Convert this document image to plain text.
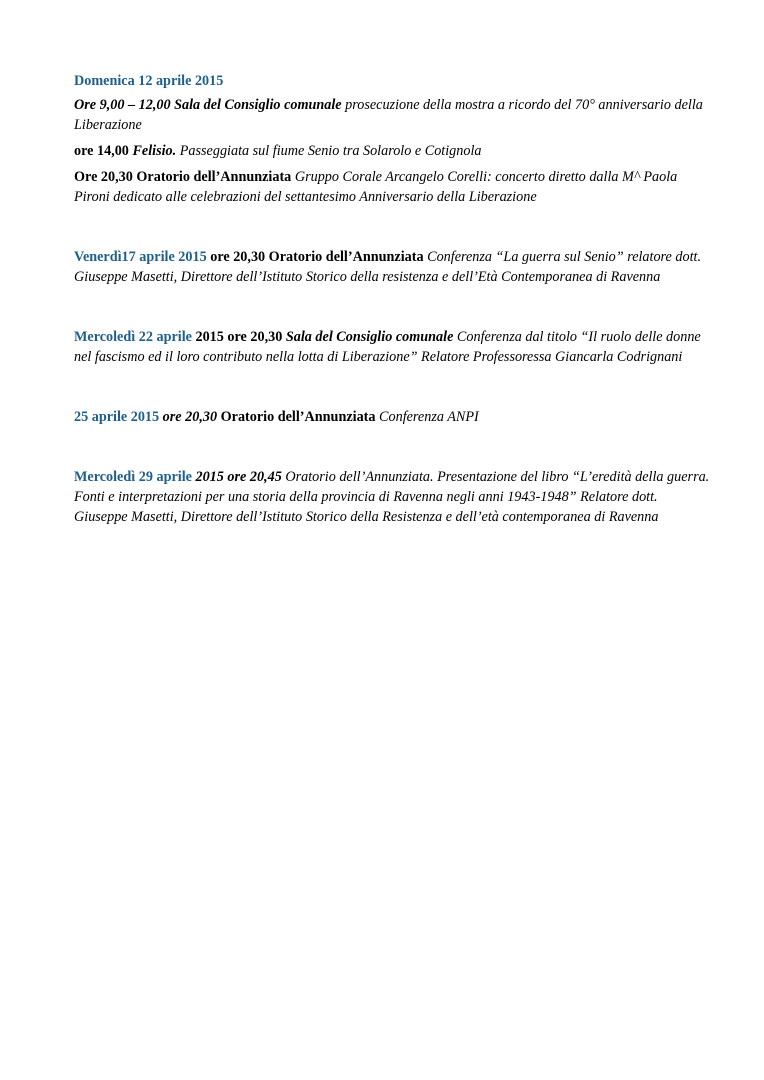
Domenica 12 aprile 2015

Ore 9,00 – 12,00 Sala del Consiglio comunale prosecuzione della mostra a ricordo del 70° anniversario della Liberazione

ore 14,00 Felisio. Passeggiata sul fiume Senio tra Solarolo e Cotignola

Ore 20,30 Oratorio dell’Annunziata Gruppo Corale Arcangelo Corelli: concerto diretto dalla M^ Paola Pironi dedicato alle celebrazioni del settantesimo Anniversario della Liberazione

Venerdì17 aprile 2015 ore 20,30 Oratorio dell’Annunziata Conferenza “La guerra sul Senio” relatore dott. Giuseppe Masetti, Direttore dell’Istituto Storico della resistenza e dell’Età Contemporanea di Ravenna

Mercoledì 22 aprile 2015 ore 20,30 Sala del Consiglio comunale Conferenza dal titolo “Il ruolo delle donne nel fascismo ed il loro contributo nella lotta di Liberazione” Relatore Professoressa Giancarla Codrignani

25 aprile 2015 ore 20,30 Oratorio dell’Annunziata Conferenza ANPI

Mercoledì 29 aprile 2015 ore 20,45 Oratorio dell’Annunziata. Presentazione del libro “L’eredità della guerra. Fonti e interpretazioni per una storia della provincia di Ravenna negli anni 1943-1948” Relatore dott. Giuseppe Masetti, Direttore dell’Istituto Storico della Resistenza e dell’età contemporanea di Ravenna
